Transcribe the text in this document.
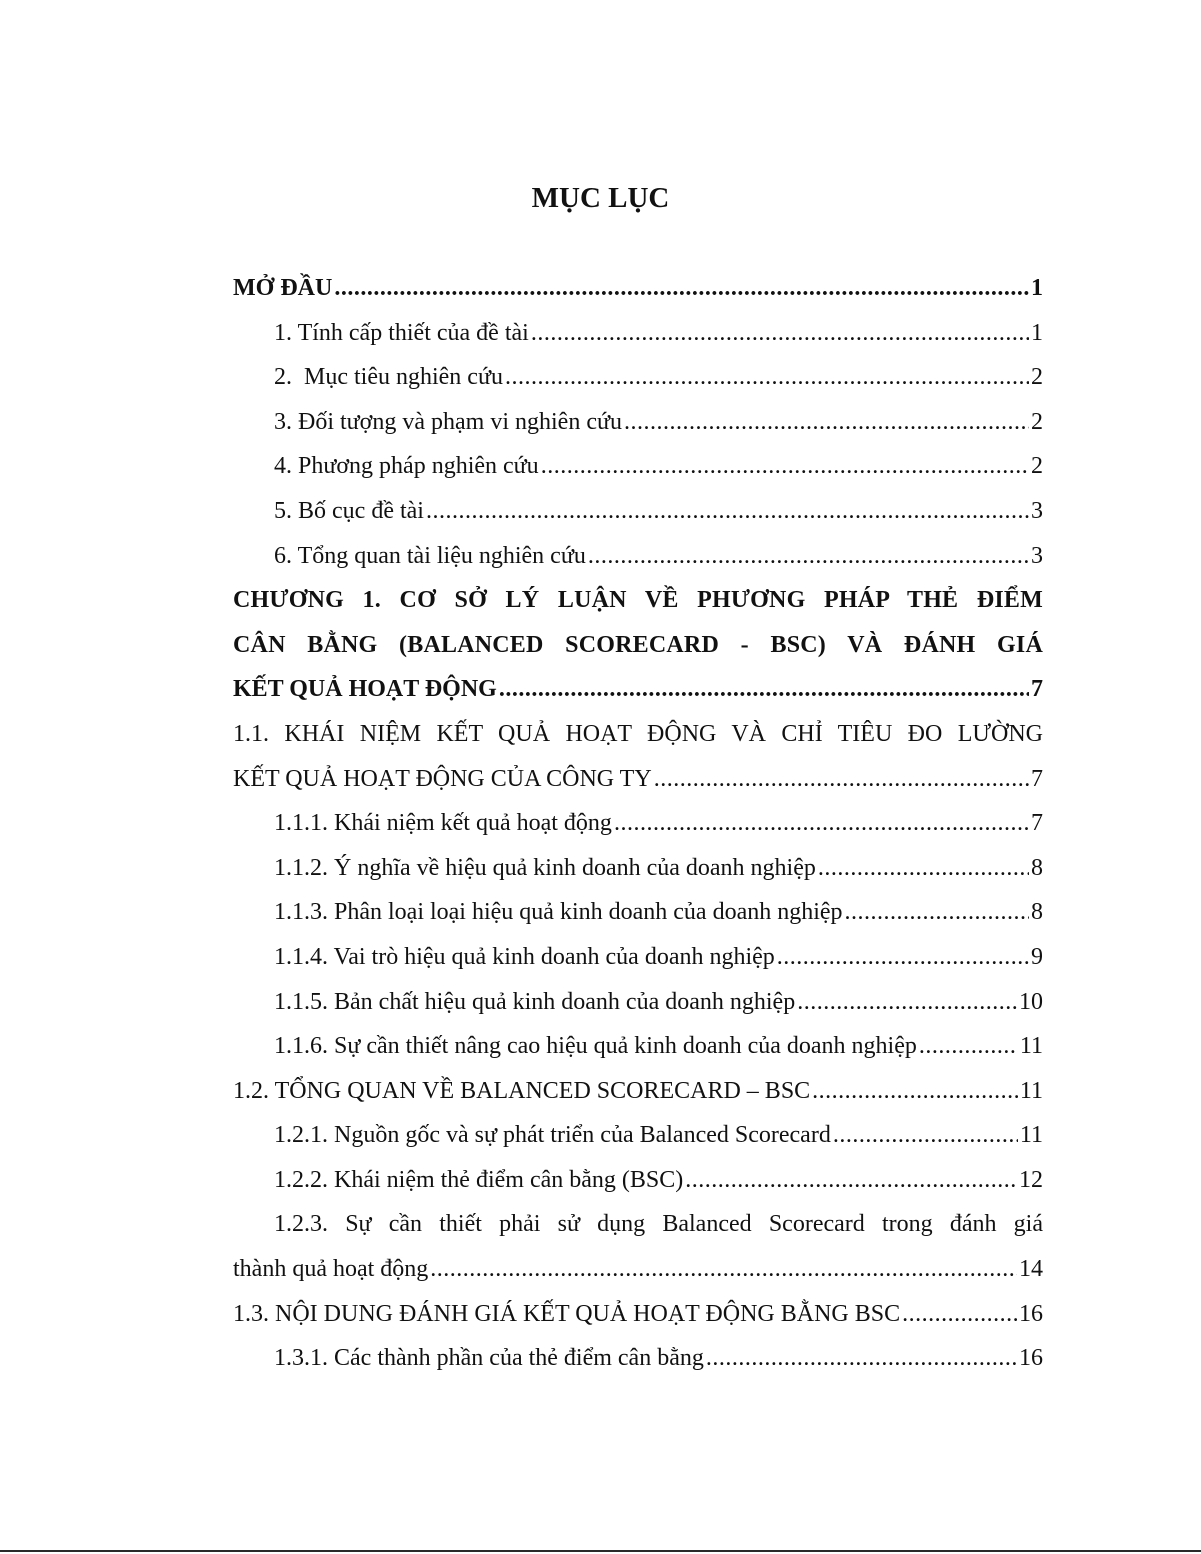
MỤC LỤC
MỞ ĐẦU .....	1
1. Tính cấp thiết của đề tài .....	1
2.  Mục tiêu nghiên cứu .....	2
3. Đối tượng và phạm vi nghiên cứu .....	2
4. Phương pháp nghiên cứu .....	2
5. Bố cục đề tài .....	3
6. Tổng quan tài liệu nghiên cứu .....	3
CHƯƠNG 1. CƠ SỞ LÝ LUẬN VỀ PHƯƠNG PHÁP THẺ ĐIỂM
CÂN BẰNG (BALANCED SCORECARD - BSC) VÀ ĐÁNH GIÁ
KẾT QUẢ HOẠT ĐỘNG .....	7
1.1. KHÁI NIỆM KẾT QUẢ HOẠT ĐỘNG VÀ CHỈ TIÊU ĐO LƯỜNG
KẾT QUẢ HOẠT ĐỘNG CỦA CÔNG TY .....	7
1.1.1. Khái niệm kết quả hoạt động .....	7
1.1.2. Ý nghĩa về hiệu quả kinh doanh của doanh nghiệp .....	8
1.1.3. Phân loại loại hiệu quả kinh doanh của doanh nghiệp .....	8
1.1.4. Vai trò hiệu quả kinh doanh của doanh nghiệp .....	9
1.1.5. Bản chất hiệu quả kinh doanh của doanh nghiệp .....	10
1.1.6. Sự cần thiết nâng cao hiệu quả kinh doanh của doanh nghiệp .....	11
1.2. TỔNG QUAN VỀ BALANCED SCORECARD – BSC .....	11
1.2.1. Nguồn gốc và sự phát triển của Balanced Scorecard .....	11
1.2.2. Khái niệm thẻ điểm cân bằng (BSC) .....	12
1.2.3. Sự cần thiết phải sử dụng Balanced Scorecard trong đánh giá
thành quả hoạt động .....	14
1.3. NỘI DUNG ĐÁNH GIÁ KẾT QUẢ HOẠT ĐỘNG BẰNG BSC .....	16
1.3.1. Các thành phần của thẻ điểm cân bằng .....	16
